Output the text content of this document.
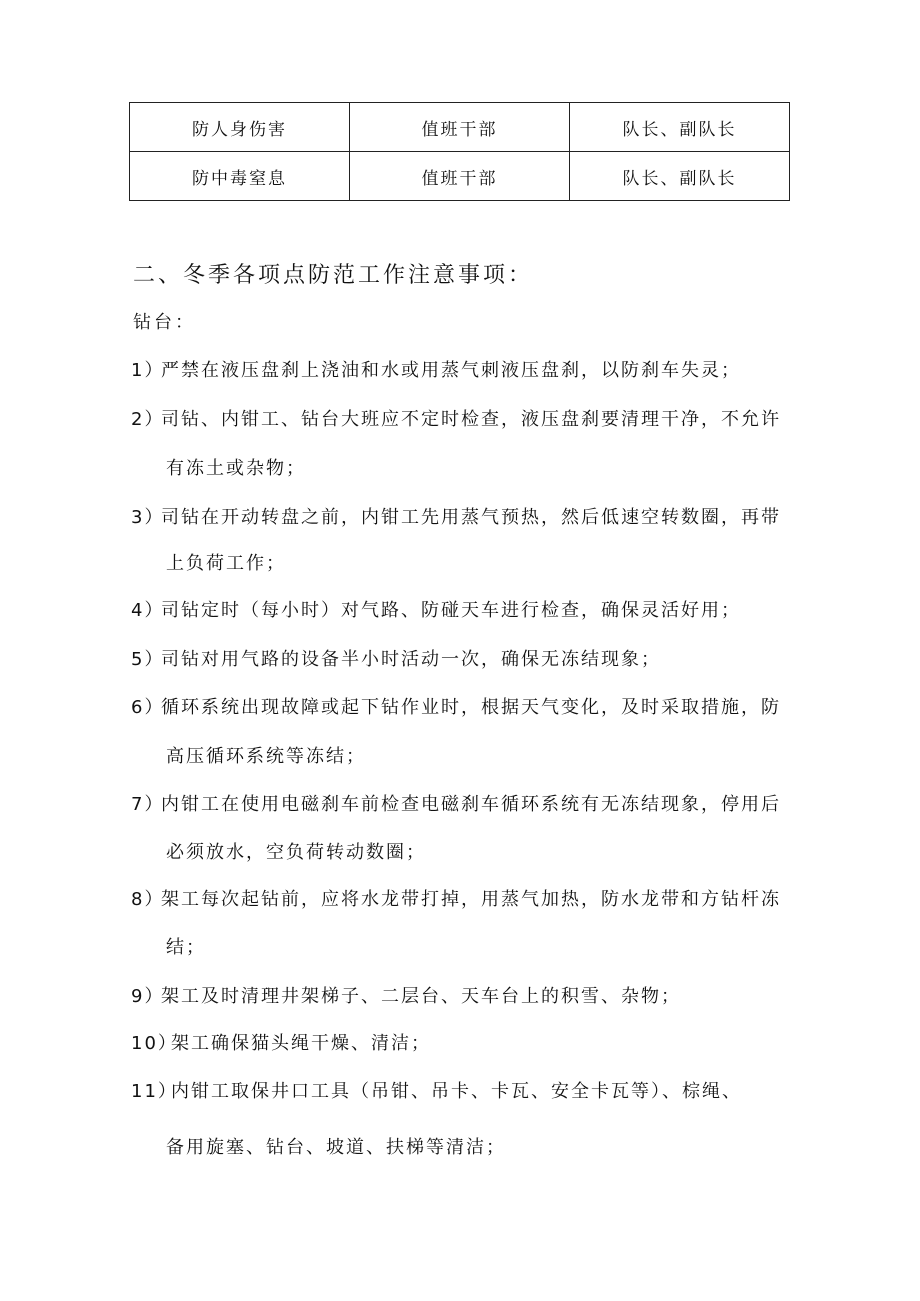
防人身伤害	值班干部	队长、副队长
防中毒窒息	值班干部	队长、副队长
二、冬季各项点防范工作注意事项：
钻台：
1）严禁在液压盘刹上浇油和水或用蒸气刺液压盘刹，以防刹车失灵；
2）司钻、内钳工、钻台大班应不定时检查，液压盘刹要清理干净，不允许
有冻土或杂物；
3）司钻在开动转盘之前，内钳工先用蒸气预热，然后低速空转数圈，再带
上负荷工作；
4）司钻定时（每小时）对气路、防碰天车进行检查，确保灵活好用；
5）司钻对用气路的设备半小时活动一次，确保无冻结现象；
6）循环系统出现故障或起下钻作业时，根据天气变化，及时采取措施，防
高压循环系统等冻结；
7）内钳工在使用电磁刹车前检查电磁刹车循环系统有无冻结现象，停用后
必须放水，空负荷转动数圈；
8）架工每次起钻前，应将水龙带打掉，用蒸气加热，防水龙带和方钻杆冻
结；
9）架工及时清理井架梯子、二层台、天车台上的积雪、杂物；
10）架工确保猫头绳干燥、清洁；
11）内钳工取保井口工具（吊钳、吊卡、卡瓦、安全卡瓦等）、棕绳、
备用旋塞、钻台、坡道、扶梯等清洁；
